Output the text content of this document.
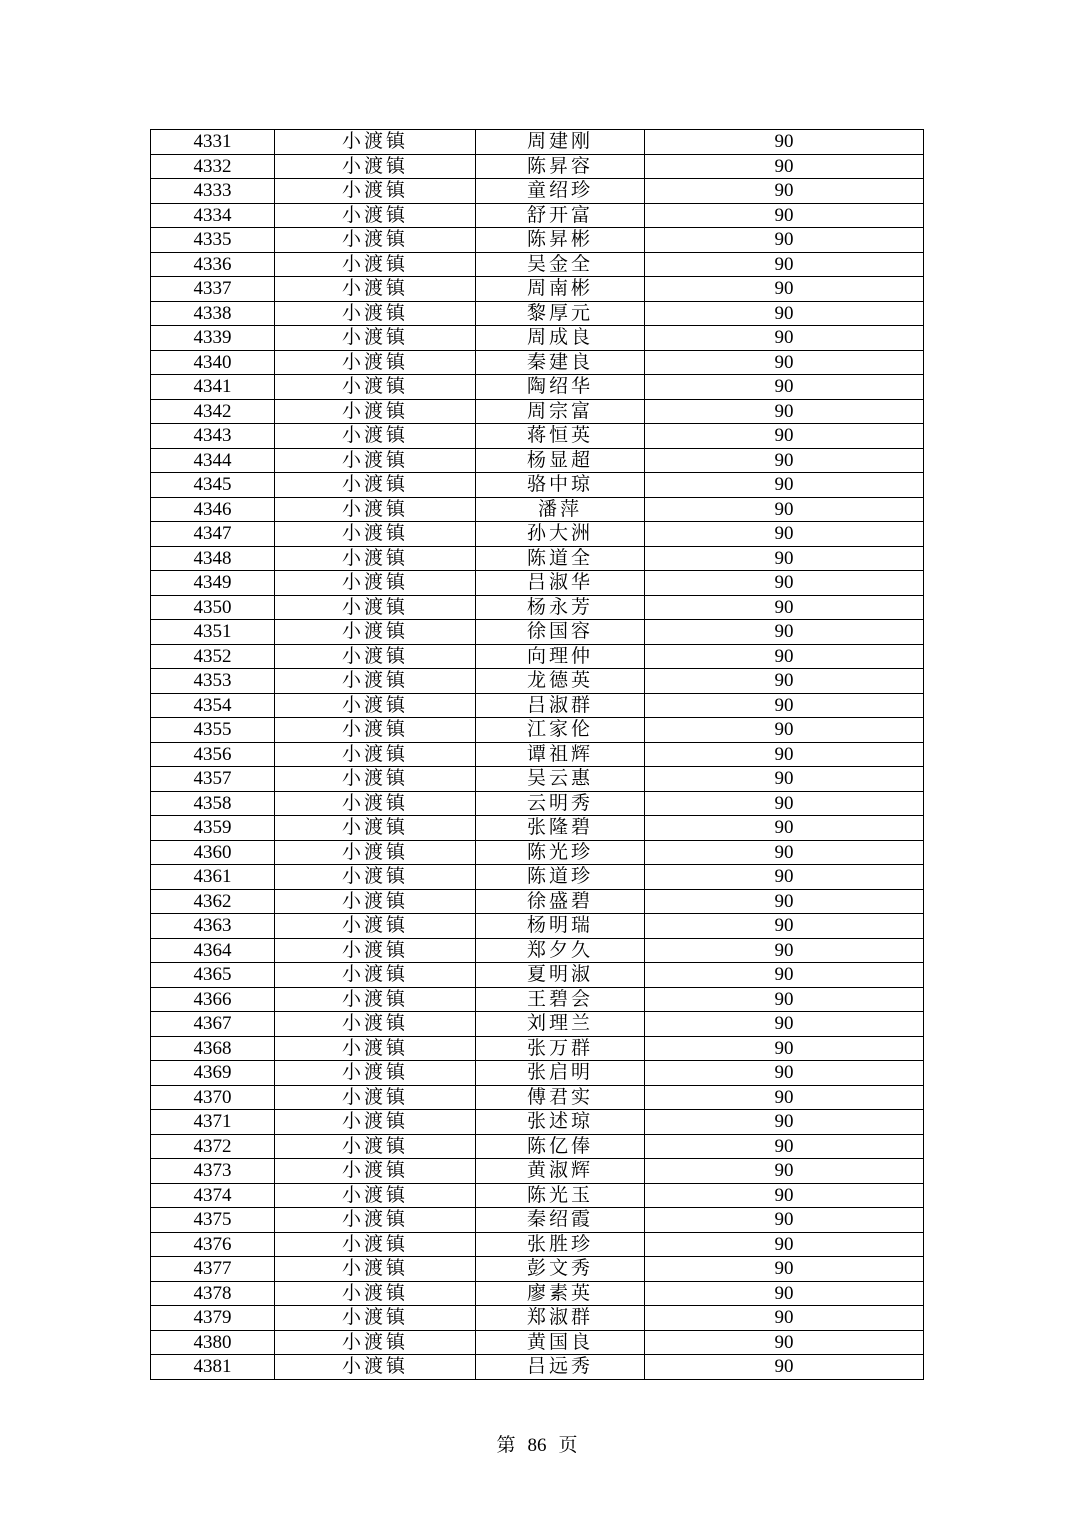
4331	小渡镇	周建刚	90
4332	小渡镇	陈昇容	90
4333	小渡镇	童绍珍	90
4334	小渡镇	舒开富	90
4335	小渡镇	陈昇彬	90
4336	小渡镇	吴金全	90
4337	小渡镇	周南彬	90
4338	小渡镇	黎厚元	90
4339	小渡镇	周成良	90
4340	小渡镇	秦建良	90
4341	小渡镇	陶绍华	90
4342	小渡镇	周宗富	90
4343	小渡镇	蒋恒英	90
4344	小渡镇	杨显超	90
4345	小渡镇	骆中琼	90
4346	小渡镇	潘萍	90
4347	小渡镇	孙大洲	90
4348	小渡镇	陈道全	90
4349	小渡镇	吕淑华	90
4350	小渡镇	杨永芳	90
4351	小渡镇	徐国容	90
4352	小渡镇	向理仲	90
4353	小渡镇	龙德英	90
4354	小渡镇	吕淑群	90
4355	小渡镇	江家伦	90
4356	小渡镇	谭祖辉	90
4357	小渡镇	吴云惠	90
4358	小渡镇	云明秀	90
4359	小渡镇	张隆碧	90
4360	小渡镇	陈光珍	90
4361	小渡镇	陈道珍	90
4362	小渡镇	徐盛碧	90
4363	小渡镇	杨明瑞	90
4364	小渡镇	郑夕久	90
4365	小渡镇	夏明淑	90
4366	小渡镇	王碧会	90
4367	小渡镇	刘理兰	90
4368	小渡镇	张万群	90
4369	小渡镇	张启明	90
4370	小渡镇	傅君实	90
4371	小渡镇	张述琼	90
4372	小渡镇	陈亿俸	90
4373	小渡镇	黄淑辉	90
4374	小渡镇	陈光玉	90
4375	小渡镇	秦绍霞	90
4376	小渡镇	张胜珍	90
4377	小渡镇	彭文秀	90
4378	小渡镇	廖素英	90
4379	小渡镇	郑淑群	90
4380	小渡镇	黄国良	90
4381	小渡镇	吕远秀	90
第 86 页
